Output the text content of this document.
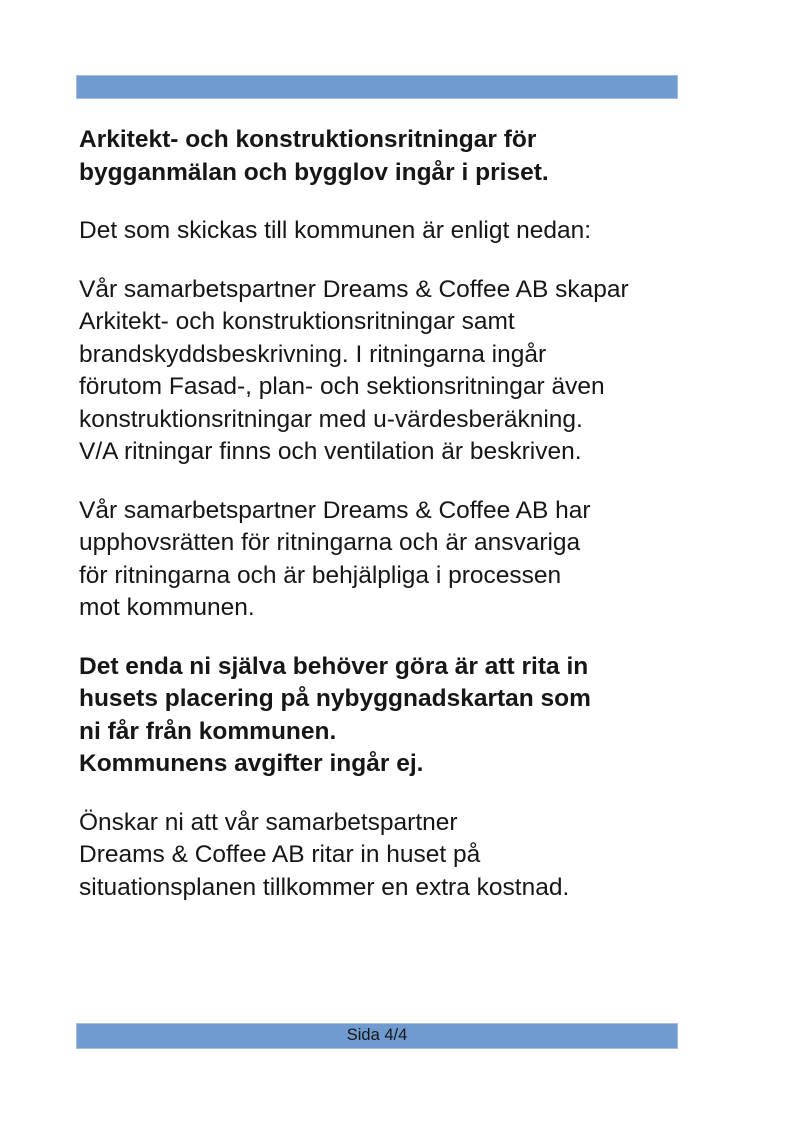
Arkitekt- och konstruktionsritningar för
bygganmälan och bygglov ingår i priset.
Det som skickas till kommunen är enligt nedan:
Vår samarbetspartner Dreams & Coffee AB skapar
Arkitekt- och konstruktionsritningar samt
brandskyddsbeskrivning. I ritningarna ingår
förutom Fasad-, plan- och sektionsritningar även
konstruktionsritningar med u-värdesberäkning.
V/A ritningar finns och ventilation är beskriven.
Vår samarbetspartner Dreams & Coffee AB har
upphovsrätten för ritningarna och är ansvariga
för ritningarna och är behjälpliga i processen
mot kommunen.
Det enda ni själva behöver göra är att rita in
husets placering på nybyggnadskartan som
ni får från kommunen.
Kommunens avgifter ingår ej.
Önskar ni att vår samarbetspartner
Dreams & Coffee AB ritar in huset på
situationsplanen tillkommer en extra kostnad.
Sida 4/4
